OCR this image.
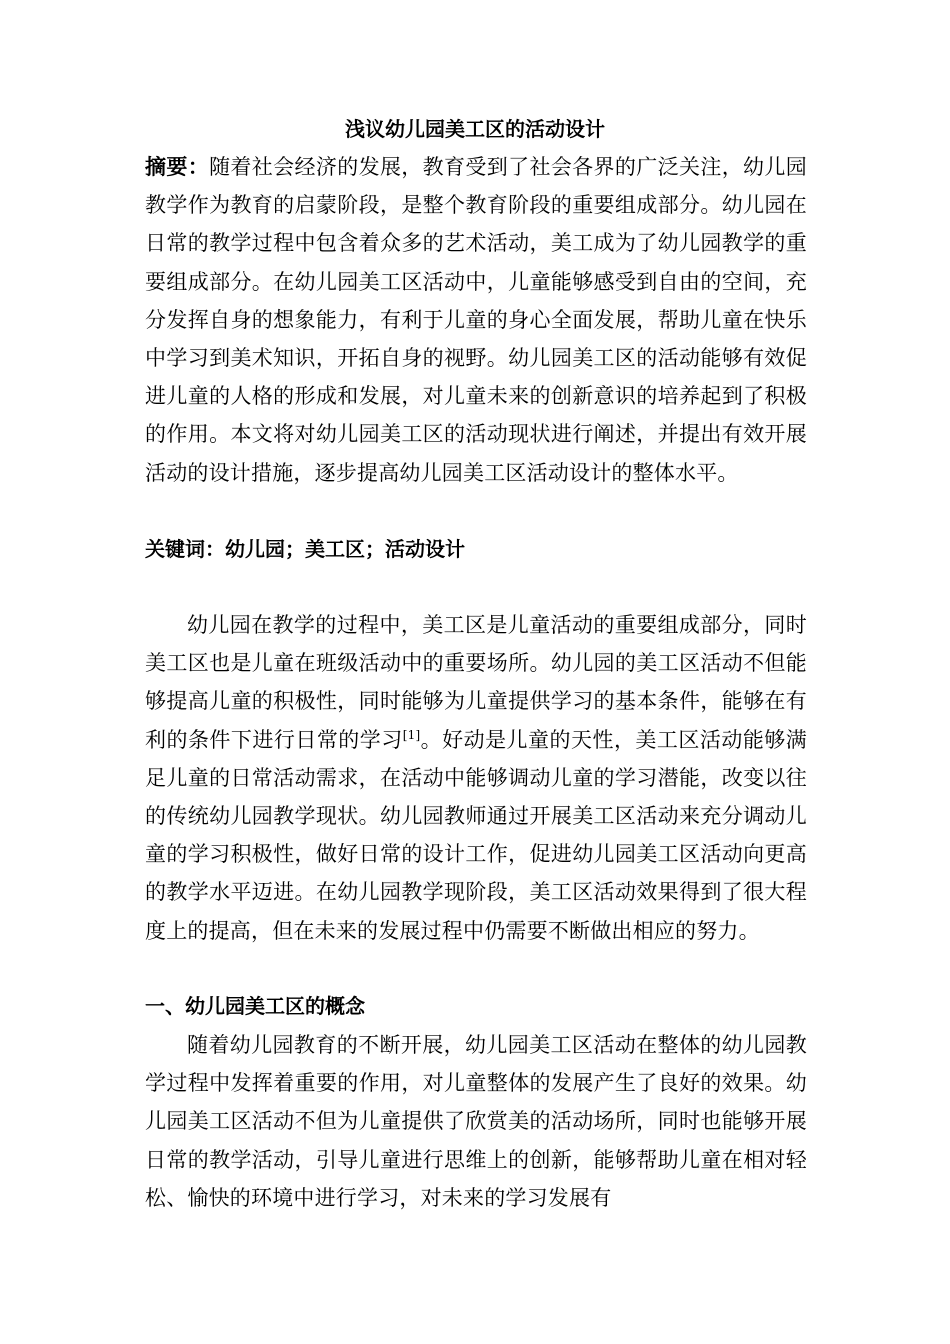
浅议幼儿园美工区的活动设计
摘要：随着社会经济的发展，教育受到了社会各界的广泛关注，幼儿园教学作为教育的启蒙阶段，是整个教育阶段的重要组成部分。幼儿园在日常的教学过程中包含着众多的艺术活动，美工成为了幼儿园教学的重要组成部分。在幼儿园美工区活动中，儿童能够感受到自由的空间，充分发挥自身的想象能力，有利于儿童的身心全面发展，帮助儿童在快乐中学习到美术知识，开拓自身的视野。幼儿园美工区的活动能够有效促进儿童的人格的形成和发展，对儿童未来的创新意识的培养起到了积极的作用。本文将对幼儿园美工区的活动现状进行阐述，并提出有效开展活动的设计措施，逐步提高幼儿园美工区活动设计的整体水平。
关键词：幼儿园；美工区；活动设计
幼儿园在教学的过程中，美工区是儿童活动的重要组成部分，同时美工区也是儿童在班级活动中的重要场所。幼儿园的美工区活动不但能够提高儿童的积极性，同时能够为儿童提供学习的基本条件，能够在有利的条件下进行日常的学习[1]。好动是儿童的天性，美工区活动能够满足儿童的日常活动需求，在活动中能够调动儿童的学习潜能，改变以往的传统幼儿园教学现状。幼儿园教师通过开展美工区活动来充分调动儿童的学习积极性，做好日常的设计工作，促进幼儿园美工区活动向更高的教学水平迈进。在幼儿园教学现阶段，美工区活动效果得到了很大程度上的提高，但在未来的发展过程中仍需要不断做出相应的努力。
一、幼儿园美工区的概念
随着幼儿园教育的不断开展，幼儿园美工区活动在整体的幼儿园教学过程中发挥着重要的作用，对儿童整体的发展产生了良好的效果。幼儿园美工区活动不但为儿童提供了欣赏美的活动场所，同时也能够开展日常的教学活动，引导儿童进行思维上的创新，能够帮助儿童在相对轻松、愉快的环境中进行学习，对未来的学习发展有
